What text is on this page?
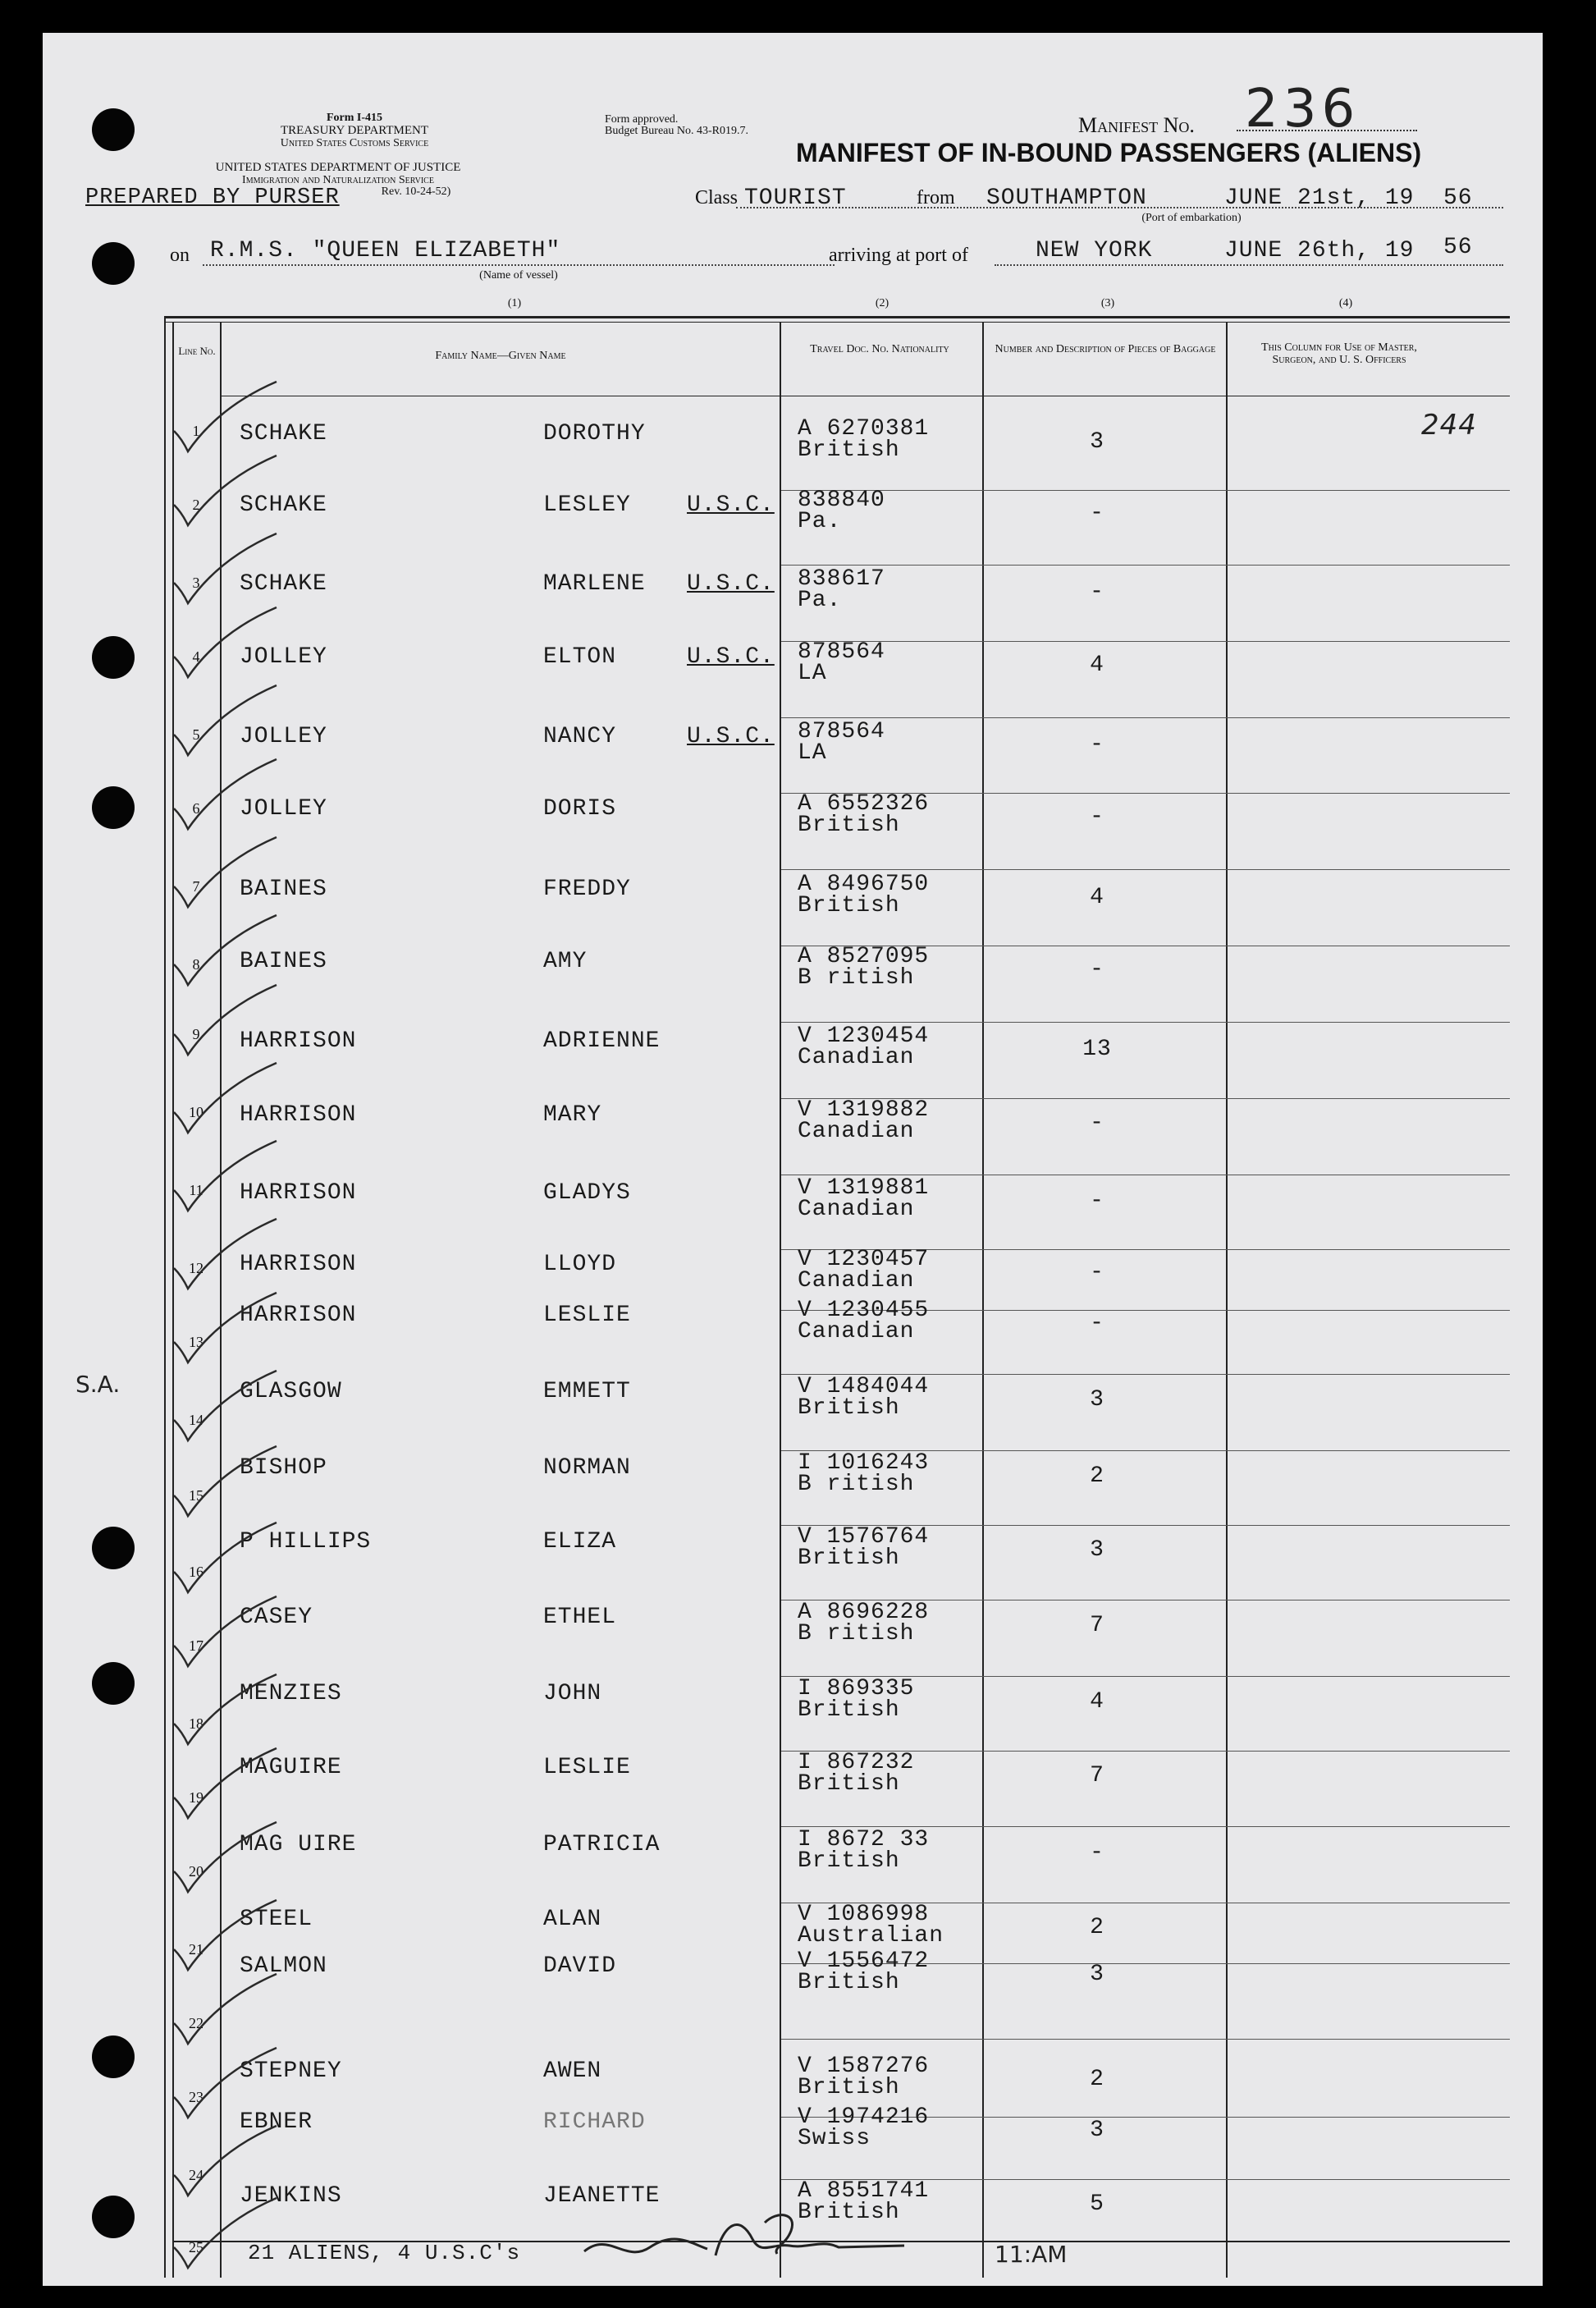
Form I-415
TREASURY DEPARTMENT
United States Customs Service
UNITED STATES DEPARTMENT OF JUSTICE
Immigration and Naturalization Service
Rev. 10-24-52)
PREPARED BY PURSER
Form approved.
Budget Bureau No. 43-R019.7.	Manifest No. 236
MANIFEST OF IN-BOUND PASSENGERS (ALIENS)
Class TOURIST	from SOUTHAMPTON	JUNE 21st, 19 56
(Port of embarkation)
on R.M.S. "QUEEN ELIZABETH"
(Name of vessel)
arriving at port of	NEW YORK	JUNE 26th, 19 56
(1)	(2)	(3)	(4)
Line No.	Family Name—Given Name
Travel Doc. No. Nationality	Number and Description of Pieces of Baggage	This Column for Use of Master, Surgeon, and U. S. Officers
1	SCHAKE	DOROTHY	A 6270381
British	3
244
2	SCHAKE	LESLEY U.S.C. 838840
Pa.	-
3	SCHAKE	MARLENE U.S.C. 838617
Pa.	-
4	JOLLEY	ELTON	U.S.C. 878564
LA	4
5	JOLLEY	NANCY	U.S.C. 878564
LA	-
6	JOLLEY	DORIS	A 6552326
British	-
7	BAINES	FREDDY	A 8496750
British	4
8	BAINES	AMY	A 8527095
B ritish	-
9	HARRISON	ADRIENNE	V 1230454
Canadian	13
10 HARRISON	MARY	V 1319882
Canadian	-
11 HARRISON	GLADYS	V 1319881
Canadian	-
12 HARRISON	LLOYD	V 1230457
Canadian	-
13
HARRISON	LESLIE	V 1230455
Canadian	-
14
GLASGOW	EMMETT	V 1484044
British	3
15
BISHOP	NORMAN	I 1016243
B ritish	2
16
P HILLIPS	ELIZA	V 1576764
British	3
17
CASEY	ETHEL	A 8696228
B ritish	7
18
MENZIES	JOHN	I 869335
British	4
19
MAGUIRE	LESLIE	I 867232
British	7
20
MAG UIRE	PATRICIA	I 8672 33
British	-
21
STEEL	ALAN	V 1086998
Australian	2
22
SALMON	DAVID	V 1556472
British	3
23
STEPNEY	AWEN	V 1587276
British	2
24
EBNER	RICHARD	V 1974216
Swiss	3
25
JENKINS	JEANETTE	A 8551741
British	5
S.A.
21 ALIENS, 4 U.S.C's	11:AM
